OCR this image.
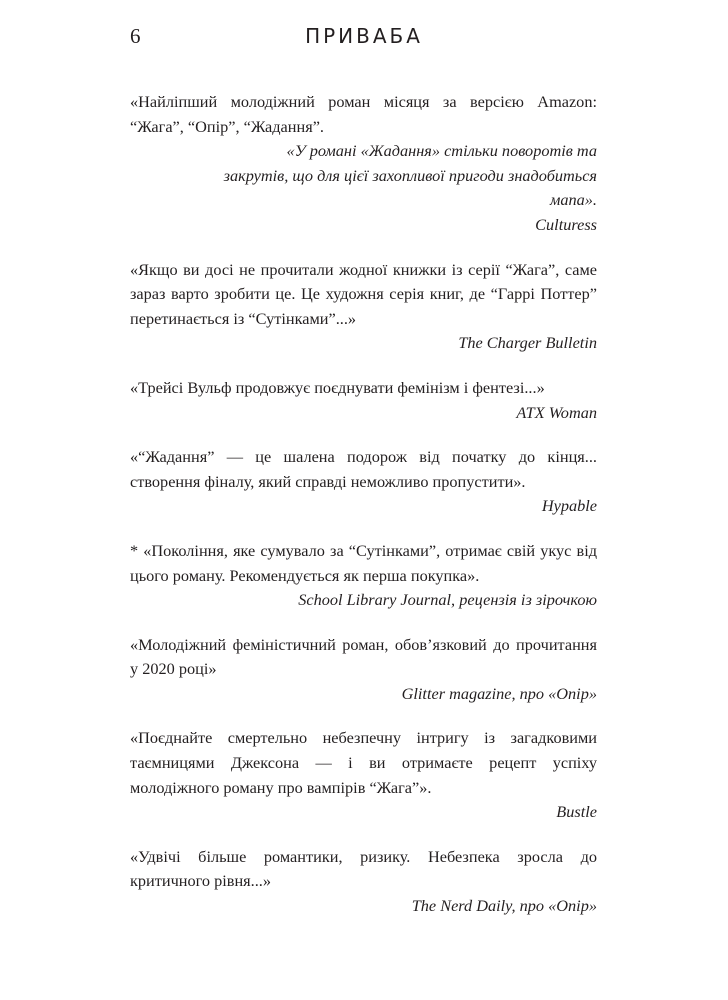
6	ПРИВАБА

«Найліпший молодіжний роман місяця за версією Amazon: “Жага”, “Опір”, “Жадання”.

«У романі «Жадання» стільки поворотів та закрутів, що для цієї захопливої пригоди знадобиться мапа».

Culturess

«Якщо ви досі не прочитали жодної книжки із серії “Жага”, саме зараз варто зробити це. Це художня серія книг, де “Гаррі Поттер” перетинається із “Сутінками”...»

The Charger Bulletin

«Трейсі Вульф продовжує поєднувати фемінізм і фентезі...»

ATX Woman

«“Жадання” — це шалена подорож від початку до кінця... створення фіналу, який справді неможливо пропустити».

Hypable

* «Покоління, яке сумувало за “Сутінками”, отримає свій укус від цього роману. Рекомендується як перша покупка».

School Library Journal, рецензія із зірочкою

«Молодіжний феміністичний роман, обов’язковий до прочитання у 2020 році»

Glitter magazine, про «Опір»

«Поєднайте смертельно небезпечну інтригу із загадковими таємницями Джексона — і ви отримаєте рецепт успіху молодіжного роману про вампірів “Жага”».

Bustle

«Удвічі більше романтики, ризику. Небезпека зросла до критичного рівня...»

The Nerd Daily, про «Опір»
